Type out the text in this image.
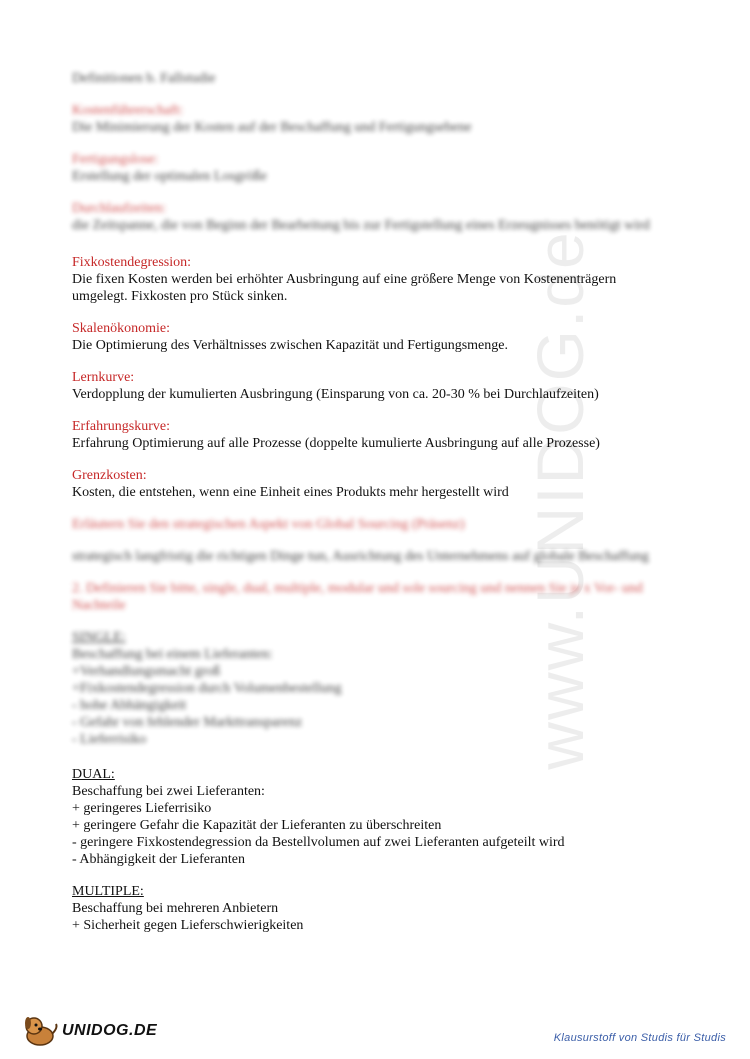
www.UNIDOG.de
Definitionen b. Fallstudie
Kostenführerschaft:
Die Minimierung der Kosten auf der Beschaffung und Fertigungsebene
Fertigungslose:
Erstellung der optimalen Losgröße
Durchlaufzeiten:
die Zeitspanne, die von Beginn der Bearbeitung bis zur Fertigstellung eines Erzeugnisses benötigt wird
Fixkostendegression:
Die fixen Kosten werden bei erhöhter Ausbringung auf eine größere Menge von Kostenenträgern umgelegt. Fixkosten pro Stück sinken.
Skalenökonomie:
Die Optimierung des Verhältnisses zwischen Kapazität und Fertigungsmenge.
Lernkurve:
Verdopplung der kumulierten Ausbringung (Einsparung von ca. 20-30 % bei Durchlaufzeiten)
Erfahrungskurve:
Erfahrung Optimierung auf alle Prozesse (doppelte kumulierte Ausbringung auf alle Prozesse)
Grenzkosten:
Kosten, die entstehen, wenn eine Einheit eines Produkts mehr hergestellt wird
Erläutern Sie den strategischen Aspekt von Global Sourcing (Präsenz)
strategisch langfristig die richtigen Dinge tun, Ausrichtung des Unternehmens auf globale Beschaffung
2. Definieren Sie bitte, single, dual, multiple, modular und sole sourcing und nennen Sie je x Vor- und Nachteile
SINGLE:
Beschaffung bei einem Lieferanten:
+Verhandlungsmacht groß
+Fixkostendegression durch Volumenbestellung
- hohe Abhängigkeit
- Gefahr von fehlender Markttransparenz
- Lieferrisiko
DUAL:
Beschaffung bei zwei Lieferanten:
+ geringeres Lieferrisiko
+ geringere Gefahr die Kapazität der Lieferanten zu überschreiten
- geringere Fixkostendegression da Bestellvolumen auf zwei Lieferanten aufgeteilt wird
- Abhängigkeit der Lieferanten
MULTIPLE:
Beschaffung bei mehreren Anbietern
+ Sicherheit gegen Lieferschwierigkeiten
UNIDOG.DE	Klausurstoff von Studis für Studis
